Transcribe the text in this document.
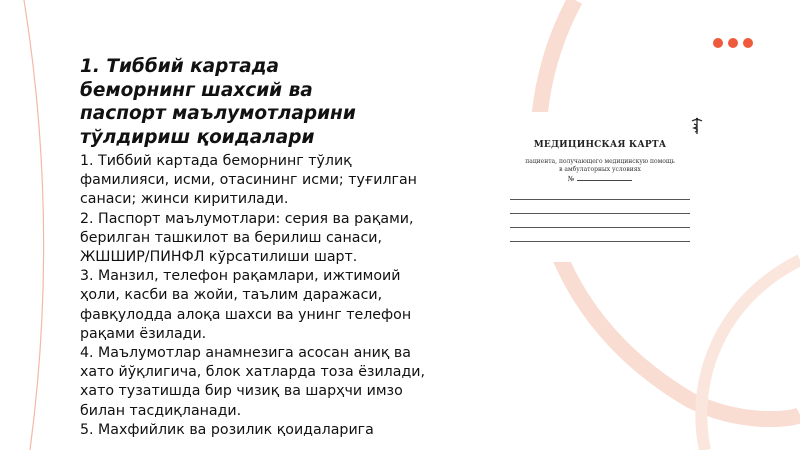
1. Тиббий картада беморнинг шахсий ва паспорт маълумотларини тўлдириш қоидалари

1. Тиббий картада беморнинг тўлиқ фамилияси, исми, отасининг исми; туғилган санаси; жинси киритилади.

2. Паспорт маълумотлари: серия ва рақами, берилган ташкилот ва берилиш санаси, ЖШШИР/ПИНФЛ кўрсатилиши шарт.

3. Манзил, телефон рақамлари, ижтимоий ҳоли, касби ва жойи, таълим даражаси, фавқулодда алоқа шахси ва унинг телефон рақами ёзилади.

4. Маълумотлар анамнезига асосан аниқ ва хато йўқлигича, блок хатларда тоза ёзилади, хато тузатишда бир чизиқ ва шарҳчи имзо билан тасдиқланади.

5. Махфийлик ва розилик қоидаларига

МЕДИЦИНСКАЯ КАРТА
пациента, получающего медицинскую помощь
в амбулаторных условиях
№
